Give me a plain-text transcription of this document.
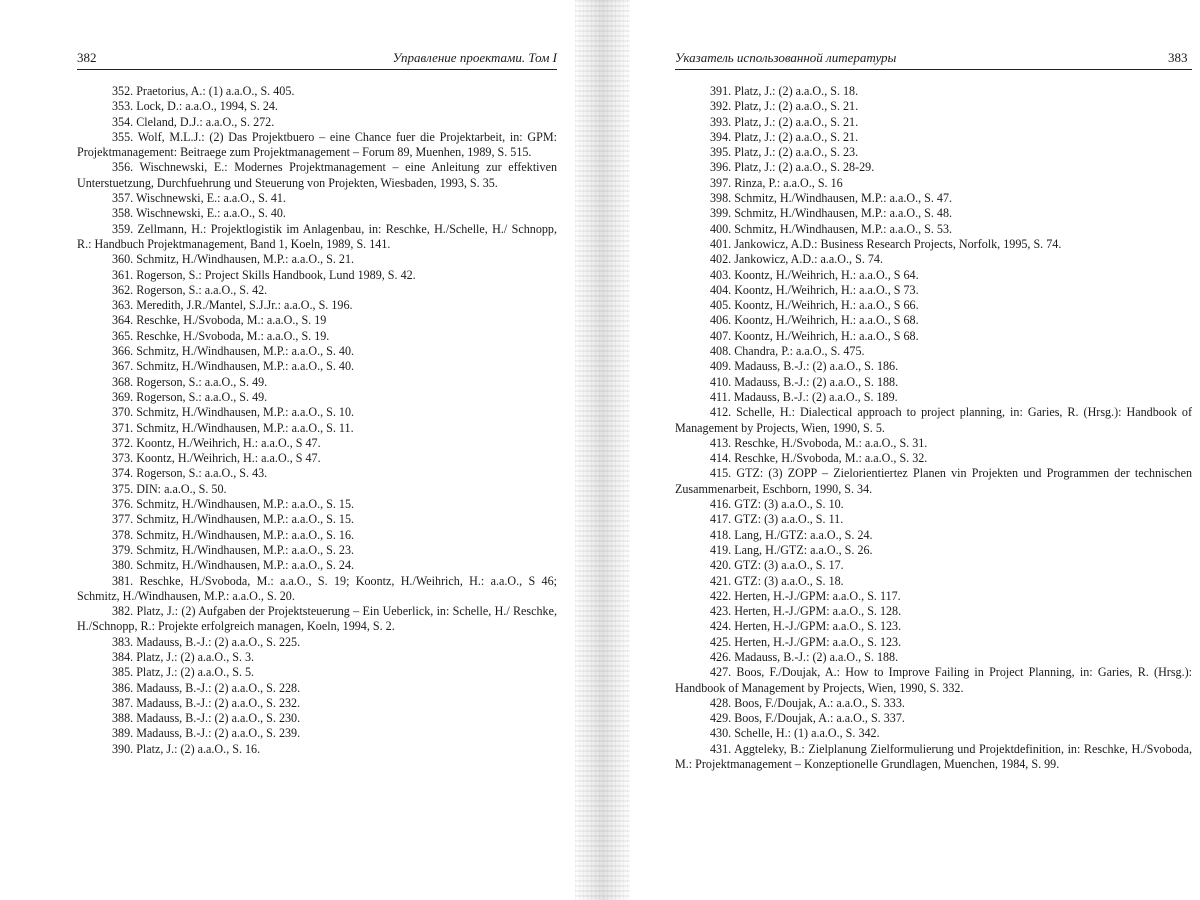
382	Управление проектами. Том I

352. Praetorius, A.: (1) a.a.O., S. 405.

353. Lock, D.: a.a.O., 1994, S. 24.

354. Cleland, D.J.: a.a.O., S. 272.

355. Wolf, M.L.J.: (2) Das Projektbuero – eine Chance fuer die Projektarbeit, in: GPM: Projektmanagement: Beitraege zum Projektmanagement – Forum 89, Muenhen, 1989, S. 515.

356. Wischnewski, E.: Modernes Projektmanagement – eine Anleitung zur effektiven Unterstuetzung, Durchfuehrung und Steuerung von Projekten, Wiesbaden, 1993, S. 35.

357. Wischnewski, E.: a.a.O., S. 41.

358. Wischnewski, E.: a.a.O., S. 40.

359. Zellmann, H.: Projektlogistik im Anlagenbau, in: Reschke, H./Schelle, H./ Schnopp, R.: Handbuch Projektmanagement, Band 1, Koeln, 1989, S. 141.

360. Schmitz, H./Windhausen, M.P.: a.a.O., S. 21.

361. Rogerson, S.: Project Skills Handbook, Lund 1989, S. 42.

362. Rogerson, S.: a.a.O., S. 42.

363. Meredith, J.R./Mantel, S.J.Jr.: a.a.O., S. 196.

364. Reschke, H./Svoboda, M.: a.a.O., S. 19

365. Reschke, H./Svoboda, M.: a.a.O., S. 19.

366. Schmitz, H./Windhausen, M.P.: a.a.O., S. 40.

367. Schmitz, H./Windhausen, M.P.: a.a.O., S. 40.

368. Rogerson, S.: a.a.O., S. 49.

369. Rogerson, S.: a.a.O., S. 49.

370. Schmitz, H./Windhausen, M.P.: a.a.O., S. 10.

371. Schmitz, H./Windhausen, M.P.: a.a.O., S. 11.

372. Koontz, H./Weihrich, H.: a.a.O., S 47.

373. Koontz, H./Weihrich, H.: a.a.O., S 47.

374. Rogerson, S.: a.a.O., S. 43.

375. DIN: a.a.O., S. 50.

376. Schmitz, H./Windhausen, M.P.: a.a.O., S. 15.

377. Schmitz, H./Windhausen, M.P.: a.a.O., S. 15.

378. Schmitz, H./Windhausen, M.P.: a.a.O., S. 16.

379. Schmitz, H./Windhausen, M.P.: a.a.O., S. 23.

380. Schmitz, H./Windhausen, M.P.: a.a.O., S. 24.

381. Reschke, H./Svoboda, M.: a.a.O., S. 19; Koontz, H./Weihrich, H.: a.a.O., S 46; Schmitz, H./Windhausen, M.P.: a.a.O., S. 20.

382. Platz, J.: (2) Aufgaben der Projektsteuerung – Ein Ueberlick, in: Schelle, H./ Reschke, H./Schnopp, R.: Projekte erfolgreich managen, Koeln, 1994, S. 2.

383. Madauss, B.-J.: (2) a.a.O., S. 225.

384. Platz, J.: (2) a.a.O., S. 3.

385. Platz, J.: (2) a.a.O., S. 5.

386. Madauss, B.-J.: (2) a.a.O., S. 228.

387. Madauss, B.-J.: (2) a.a.O., S. 232.

388. Madauss, B.-J.: (2) a.a.O., S. 230.

389. Madauss, B.-J.: (2) a.a.O., S. 239.

390. Platz, J.: (2) a.a.O., S. 16.

Указатель использованной литературы	383

391. Platz, J.: (2) a.a.O., S. 18.

392. Platz, J.: (2) a.a.O., S. 21.

393. Platz, J.: (2) a.a.O., S. 21.

394. Platz, J.: (2) a.a.O., S. 21.

395. Platz, J.: (2) a.a.O., S. 23.

396. Platz, J.: (2) a.a.O., S. 28-29.

397. Rinza, P.: a.a.O., S. 16

398. Schmitz, H./Windhausen, M.P.: a.a.O., S. 47.

399. Schmitz, H./Windhausen, M.P.: a.a.O., S. 48.

400. Schmitz, H./Windhausen, M.P.: a.a.O., S. 53.

401. Jankowicz, A.D.: Business Research Projects, Norfolk, 1995, S. 74.

402. Jankowicz, A.D.: a.a.O., S. 74.

403. Koontz, H./Weihrich, H.: a.a.O., S 64.

404. Koontz, H./Weihrich, H.: a.a.O., S 73.

405. Koontz, H./Weihrich, H.: a.a.O., S 66.

406. Koontz, H./Weihrich, H.: a.a.O., S 68.

407. Koontz, H./Weihrich, H.: a.a.O., S 68.

408. Chandra, P.: a.a.O., S. 475.

409. Madauss, B.-J.: (2) a.a.O., S. 186.

410. Madauss, B.-J.: (2) a.a.O., S. 188.

411. Madauss, B.-J.: (2) a.a.O., S. 189.

412. Schelle, H.: Dialectical approach to project planning, in: Garies, R. (Hrsg.): Handbook of Management by Projects, Wien, 1990, S. 5.

413. Reschke, H./Svoboda, M.: a.a.O., S. 31.

414. Reschke, H./Svoboda, M.: a.a.O., S. 32.

415. GTZ: (3) ZOPP – Zielorientiertez Planen vin Projekten und Programmen der technischen Zusammenarbeit, Eschborn, 1990, S. 34.

416. GTZ: (3) a.a.O., S. 10.

417. GTZ: (3) a.a.O., S. 11.

418. Lang, H./GTZ: a.a.O., S. 24.

419. Lang, H./GTZ: a.a.O., S. 26.

420. GTZ: (3) a.a.O., S. 17.

421. GTZ: (3) a.a.O., S. 18.

422. Herten, H.-J./GPM: a.a.O., S. 117.

423. Herten, H.-J./GPM: a.a.O., S. 128.

424. Herten, H.-J./GPM: a.a.O., S. 123.

425. Herten, H.-J./GPM: a.a.O., S. 123.

426. Madauss, B.-J.: (2) a.a.O., S. 188.

427. Boos, F./Doujak, A.: How to Improve Failing in Project Planning, in: Garies, R. (Hrsg.): Handbook of Management by Projects, Wien, 1990, S. 332.

428. Boos, F./Doujak, A.: a.a.O., S. 333.

429. Boos, F./Doujak, A.: a.a.O., S. 337.

430. Schelle, H.: (1) a.a.O., S. 342.

431. Aggteleky, B.: Zielplanung Zielformulierung und Projektdefinition, in: Reschke, H./Svoboda, M.: Projektmanagement – Konzeptionelle Grundlagen, Muenchen, 1984, S. 99.
